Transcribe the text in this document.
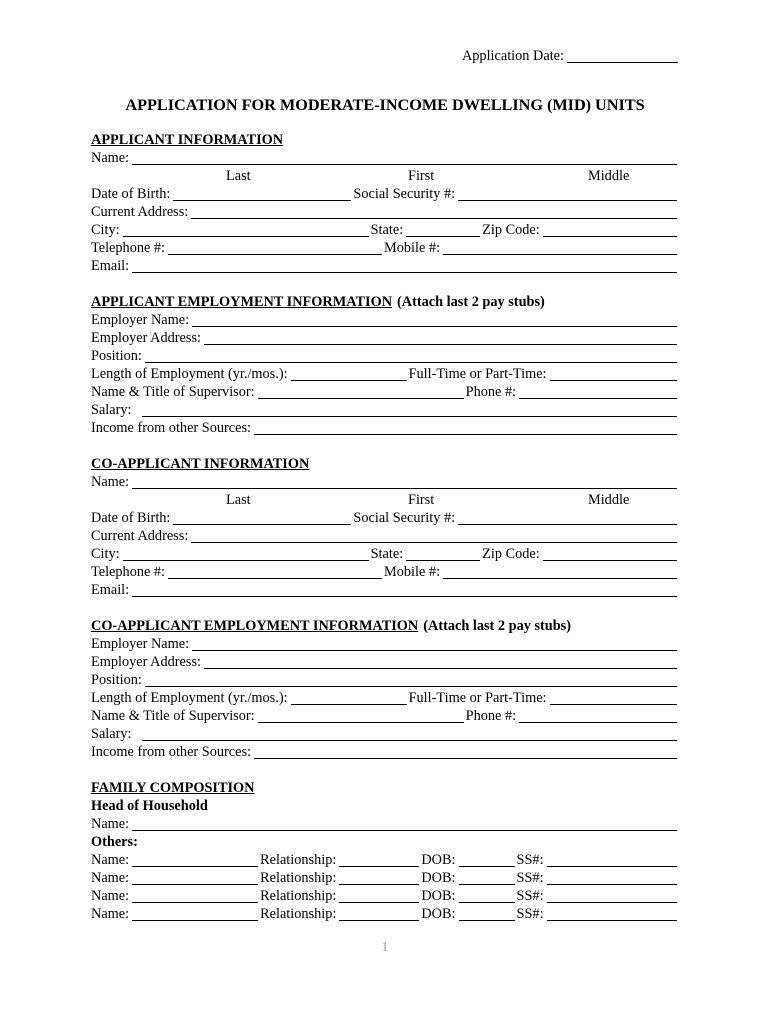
Application Date:
APPLICATION FOR MODERATE-INCOME DWELLING (MID) UNITS
APPLICANT INFORMATION
Name:
Last	First	Middle
Date of Birth:	Social Security #:
Current Address:
City:	State:	Zip Code:
Telephone #:	Mobile #:
Email:
APPLICANT EMPLOYMENT INFORMATION (Attach last 2 pay stubs)
Employer Name:
Employer Address:
Position:
Length of Employment (yr./mos.):	Full-Time or Part-Time:
Name & Title of Supervisor:	Phone #:
Salary:
Income from other Sources:
CO-APPLICANT INFORMATION
Name:
Last	First	Middle
Date of Birth:	Social Security #:
Current Address:
City:	State:	Zip Code:
Telephone #:	Mobile #:
Email:
CO-APPLICANT EMPLOYMENT INFORMATION (Attach last 2 pay stubs)
Employer Name:
Employer Address:
Position:
Length of Employment (yr./mos.):	Full-Time or Part-Time:
Name & Title of Supervisor:	Phone #:
Salary:
Income from other Sources:
FAMILY COMPOSITION
Head of Household
Name:
Others:
Name:	Relationship:	DOB:	SS#:
Name:	Relationship:	DOB:	SS#:
Name:	Relationship:	DOB:	SS#:
Name:	Relationship:	DOB:	SS#:
1
